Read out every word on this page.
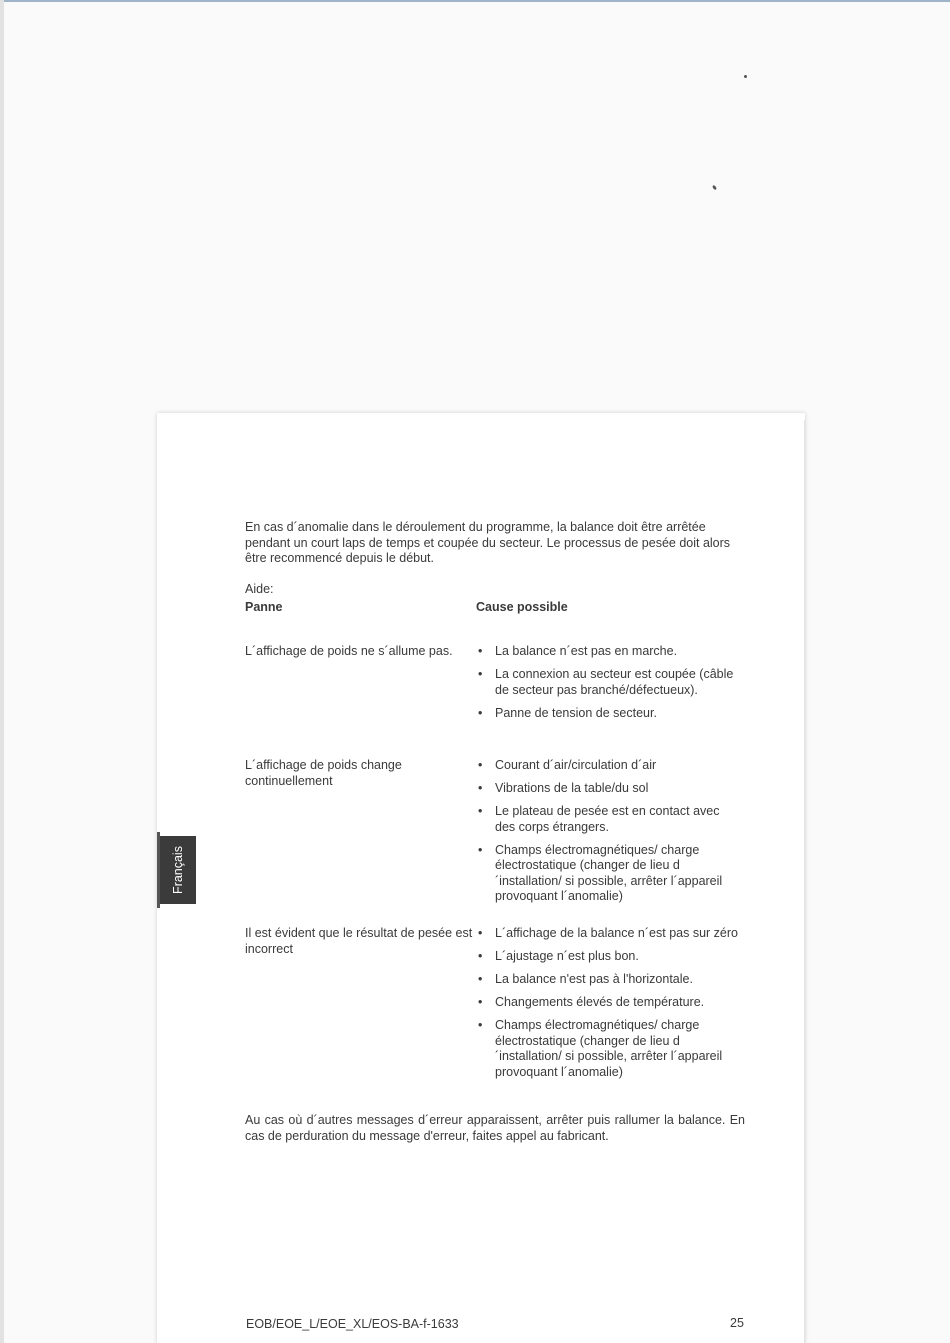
Français
En cas d´anomalie dans le déroulement du programme, la balance doit être arrêtée pendant un court laps de temps et coupée du secteur. Le processus de pesée doit alors être recommencé depuis le début.
Aide:
Panne	Cause possible
L´affichage de poids ne s´allume pas.
•	La balance n´est pas en marche.
• La connexion au secteur est coupée (câble de secteur pas branché/défectueux).
• Panne de tension de secteur.
L´affichage de poids change continuellement
• Courant d´air/circulation d´air
• Vibrations de la table/du sol
• Le plateau de pesée est en contact avec des corps étrangers.
• Champs électromagnétiques/ charge électrostatique (changer de lieu d´installation/ si possible, arrêter l´appareil provoquant l´anomalie)
Il est évident que le résultat de pesée est incorrect
• L´affichage de la balance n´est pas sur zéro
• L´ajustage n´est plus bon.
• La balance n'est pas à l'horizontale.
• Changements élevés de température.
• Champs électromagnétiques/ charge électrostatique (changer de lieu d´installation/ si possible, arrêter l´appareil provoquant l´anomalie)
Au cas où d´autres messages d´erreur apparaissent, arrêter puis rallumer la balance. En cas de perduration du message d'erreur, faites appel au fabricant.
EOB/EOE_L/EOE_XL/EOS-BA-f-1633	25
